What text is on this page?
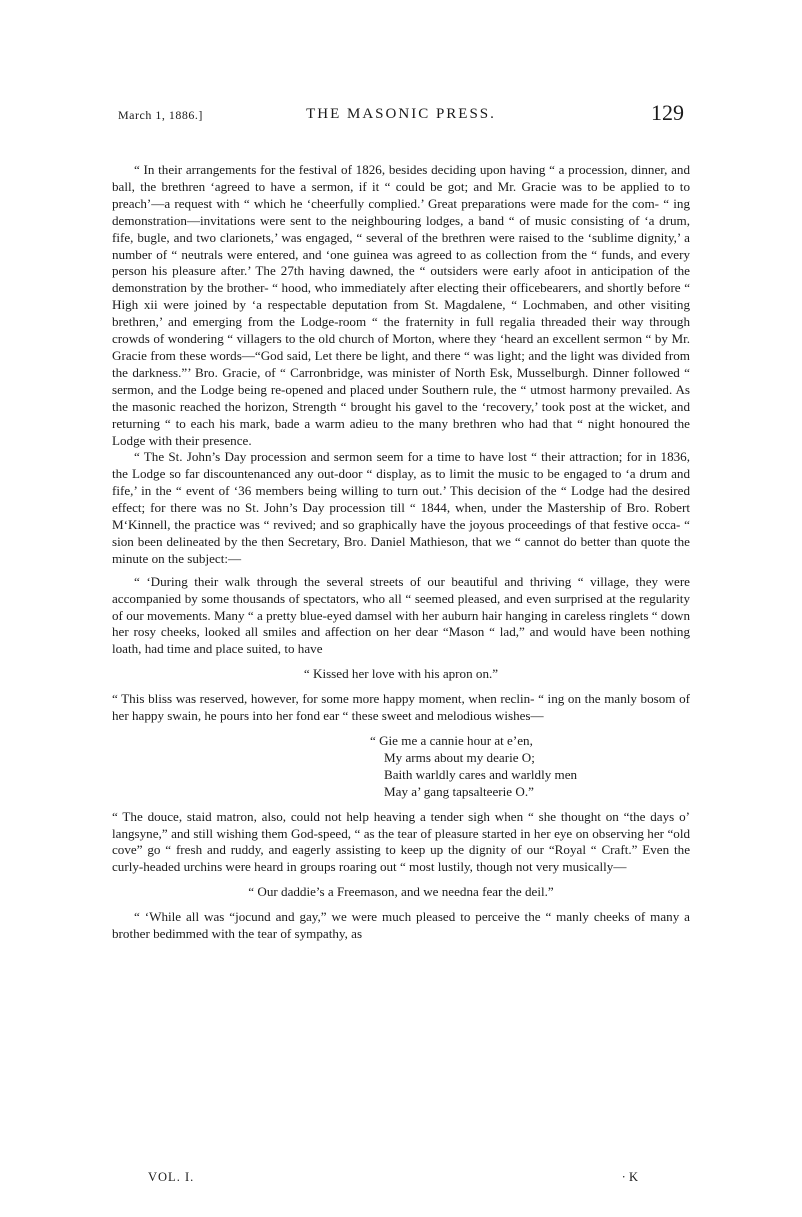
March 1, 1886.]	THE MASONIC PRESS.	129

“ In their arrangements for the festival of 1826, besides deciding upon having “ a procession, dinner, and ball, the brethren ‘agreed to have a sermon, if it “ could be got; and Mr. Gracie was to be applied to to preach’—a request with “ which he ‘cheerfully complied.’ Great preparations were made for the com- “ ing demonstration—invitations were sent to the neighbouring lodges, a band “ of music consisting of ‘a drum, fife, bugle, and two clarionets,’ was engaged, “ several of the brethren were raised to the ‘sublime dignity,’ a number of “ neutrals were entered, and ‘one guinea was agreed to as collection from the “ funds, and every person his pleasure after.’ The 27th having dawned, the “ outsiders were early afoot in anticipation of the demonstration by the brother- “ hood, who immediately after electing their officebearers, and shortly before “ High xii were joined by ‘a respectable deputation from St. Magdalene, “ Lochmaben, and other visiting brethren,’ and emerging from the Lodge-room “ the fraternity in full regalia threaded their way through crowds of wondering “ villagers to the old church of Morton, where they ‘heard an excellent sermon “ by Mr. Gracie from these words—“God said, Let there be light, and there “ was light; and the light was divided from the darkness.”’ Bro. Gracie, of “ Carronbridge, was minister of North Esk, Musselburgh. Dinner followed “ sermon, and the Lodge being re-opened and placed under Southern rule, the “ utmost harmony prevailed. As the masonic reached the horizon, Strength “ brought his gavel to the ‘recovery,’ took post at the wicket, and returning “ to each his mark, bade a warm adieu to the many brethren who had that “ night honoured the Lodge with their presence.

“ The St. John’s Day procession and sermon seem for a time to have lost “ their attraction; for in 1836, the Lodge so far discountenanced any out-door “ display, as to limit the music to be engaged to ‘a drum and fife,’ in the “ event of ‘36 members being willing to turn out.’ This decision of the “ Lodge had the desired effect; for there was no St. John’s Day procession till “ 1844, when, under the Mastership of Bro. Robert M‘Kinnell, the practice was “ revived; and so graphically have the joyous proceedings of that festive occa- “ sion been delineated by the then Secretary, Bro. Daniel Mathieson, that we “ cannot do better than quote the minute on the subject:—

“ ‘During their walk through the several streets of our beautiful and thriving “ village, they were accompanied by some thousands of spectators, who all “ seemed pleased, and even surprised at the regularity of our movements. Many “ a pretty blue-eyed damsel with her auburn hair hanging in careless ringlets “ down her rosy cheeks, looked all smiles and affection on her dear “Mason “ lad,” and would have been nothing loath, had time and place suited, to have

“ Kissed her love with his apron on.”

“ This bliss was reserved, however, for some more happy moment, when reclin- “ ing on the manly bosom of her happy swain, he pours into her fond ear “ these sweet and melodious wishes—

“ Gie me a cannie hour at e’en,
My arms about my dearie O;
Baith warldly cares and warldly men
May a’ gang tapsalteerie O.”

“ The douce, staid matron, also, could not help heaving a tender sigh when “ she thought on “the days o’ langsyne,” and still wishing them God-speed, “ as the tear of pleasure started in her eye on observing her “old cove” go “ fresh and ruddy, and eagerly assisting to keep up the dignity of our “Royal “ Craft.” Even the curly-headed urchins were heard in groups roaring out “ most lustily, though not very musically—

“ Our daddie’s a Freemason, and we needna fear the deil.”

“ ‘While all was “jocund and gay,” we were much pleased to perceive the “ manly cheeks of many a brother bedimmed with the tear of sympathy, as

VOL. I.	· K
